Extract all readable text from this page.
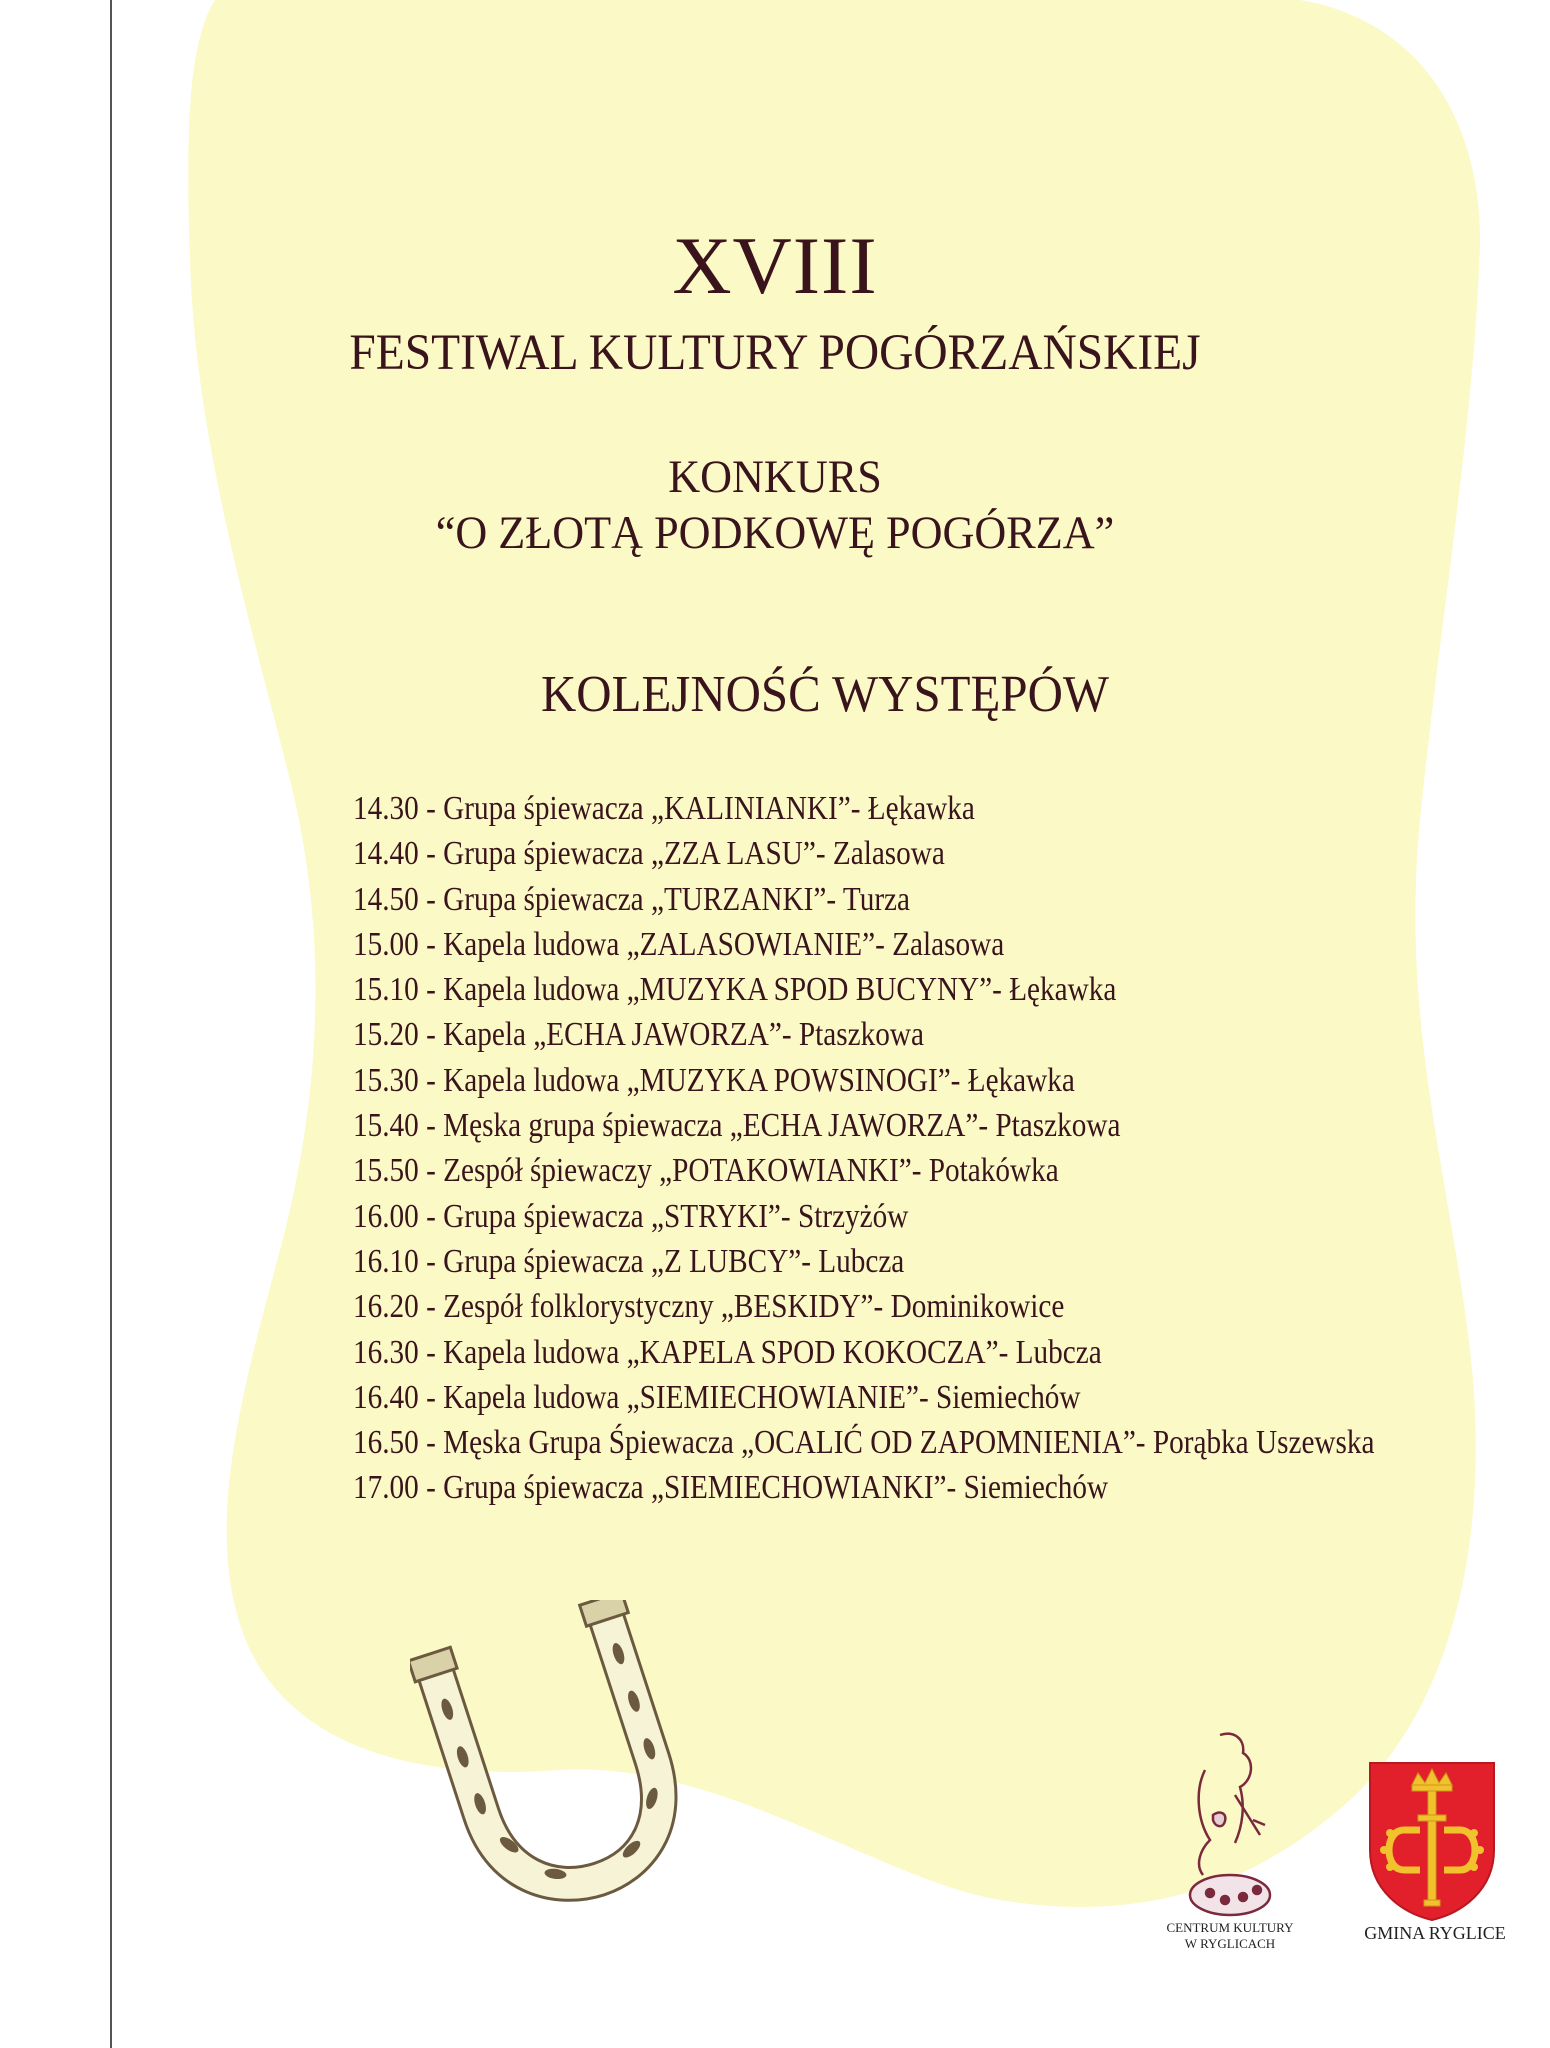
XVIII
FESTIWAL KULTURY POGÓRZAŃSKIEJ
KONKURS
“O ZŁOTĄ PODKOWĘ POGÓRZA”
KOLEJNOŚĆ WYSTĘPÓW
14.30 - Grupa śpiewacza „KALINIANKI”- Łękawka
14.40 - Grupa śpiewacza „ZZA LASU”- Zalasowa
14.50 - Grupa śpiewacza „TURZANKI”- Turza
15.00 - Kapela ludowa „ZALASOWIANIE”- Zalasowa
15.10 - Kapela ludowa „MUZYKA SPOD BUCYNY”- Łękawka
15.20 - Kapela „ECHA JAWORZA”- Ptaszkowa
15.30 - Kapela ludowa „MUZYKA POWSINOGI”- Łękawka
15.40 - Męska grupa śpiewacza „ECHA JAWORZA”- Ptaszkowa
15.50 - Zespół śpiewaczy „POTAKOWIANKI”- Potakówka
16.00 - Grupa śpiewacza „STRYKI”- Strzyżów
16.10 - Grupa śpiewacza „Z LUBCY”- Lubcza
16.20 - Zespół folklorystyczny „BESKIDY”- Dominikowice
16.30 - Kapela ludowa „KAPELA SPOD KOKOCZA”- Lubcza
16.40 - Kapela ludowa „SIEMIECHOWIANIE”- Siemiechów
16.50 - Męska Grupa Śpiewacza „OCALIĆ OD ZAPOMNIENIA”- Porąbka Uszewska
17.00 - Grupa śpiewacza „SIEMIECHOWIANKI”- Siemiechów
CENTRUM KULTURY
W RYGLICACH
GMINA RYGLICE
